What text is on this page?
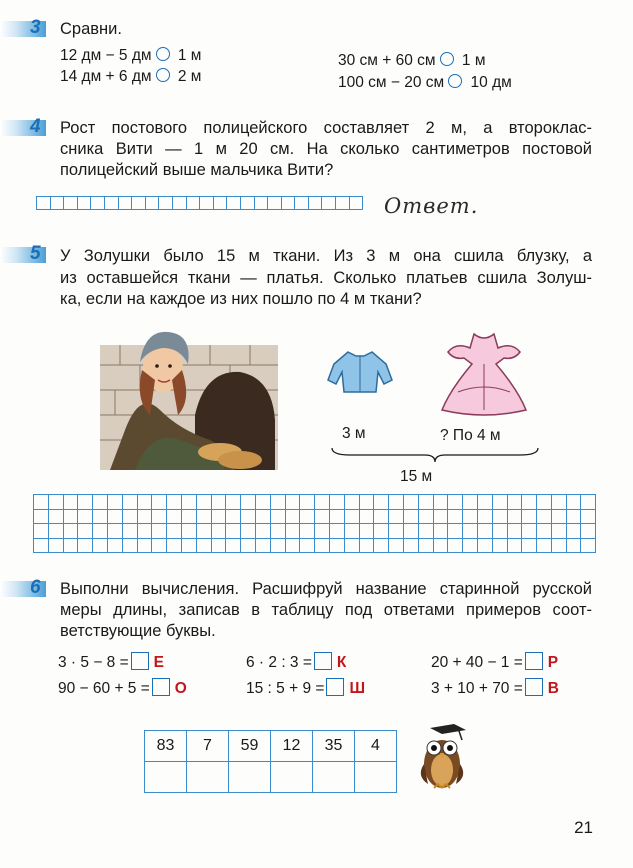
3 Сравни.
12 дм − 5 дм 1 м
14 дм + 6 дм 2 м
30 см + 60 см 1 м
100 см − 20 см 10 дм
4 Рост постового полицейского составляет 2 м, а второклас-
сника Вити — 1 м 20 см. На сколько сантиметров постовой
полицейский выше мальчика Вити?
Ответ.
5 У Золушки было 15 м ткани. Из 3 м она сшила блузку, а
из оставшейся ткани — платья. Сколько платьев сшила Золуш-
ка, если на каждое из них пошло по 4 м ткани?
3 м	? По 4 м
15 м

6 Выполни вычисления. Расшифруй название старинной русской
меры длины, записав в таблицу под ответами примеров соот-
ветствующие буквы.
3 · 5 − 8 = Е	6 · 2 : 3 = К	20 + 40 − 1 = Р
90 − 60 + 5 = О	15 : 5 + 9 = Ш	3 + 10 + 70 = В
83	7	59	12	35	4

21
